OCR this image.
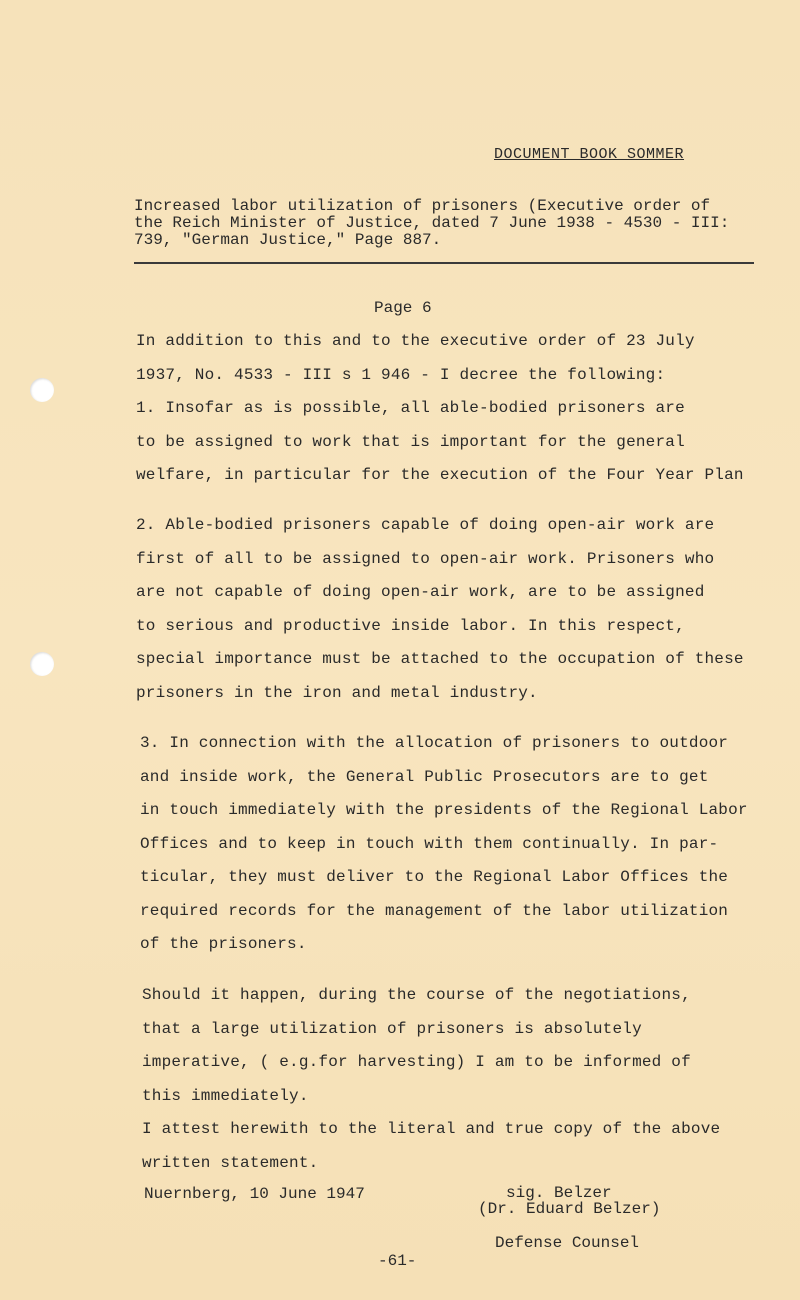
DOCUMENT BOOK SOMMER
Increased labor utilization of prisoners (Executive order of
the Reich Minister of Justice, dated 7 June 1938 - 4530 - III:
739, "German Justice," Page 887.
Page 6
In addition to this and to the executive order of 23 July
1937, No. 4533 - III s 1 946 - I decree the following:
1. Insofar as is possible, all able-bodied prisoners are
to be assigned to work that is important for the general
welfare, in particular for the execution of the Four Year Plan
2. Able-bodied prisoners capable of doing open-air work are
first of all to be assigned to open-air work. Prisoners who
are not capable of doing open-air work, are to be assigned
to serious and productive inside labor. In this respect,
special importance must be attached to the occupation of these
prisoners in the iron and metal industry.
3. In connection with the allocation of prisoners to outdoor
and inside work, the General Public Prosecutors are to get
in touch immediately with the presidents of the Regional Labor
Offices and to keep in touch with them continually. In par-
ticular, they must deliver to the Regional Labor Offices the
required records for the management of the labor utilization
of the prisoners.
Should it happen, during the course of the negotiations,
that a large utilization of prisoners is absolutely
imperative, ( e.g.for harvesting) I am to be informed of
this immediately.
I attest herewith to the literal and true copy of the above
written statement.
Nuernberg, 10 June 1947	sig. Belzer
(Dr. Eduard Belzer)
Defense Counsel
-61-
